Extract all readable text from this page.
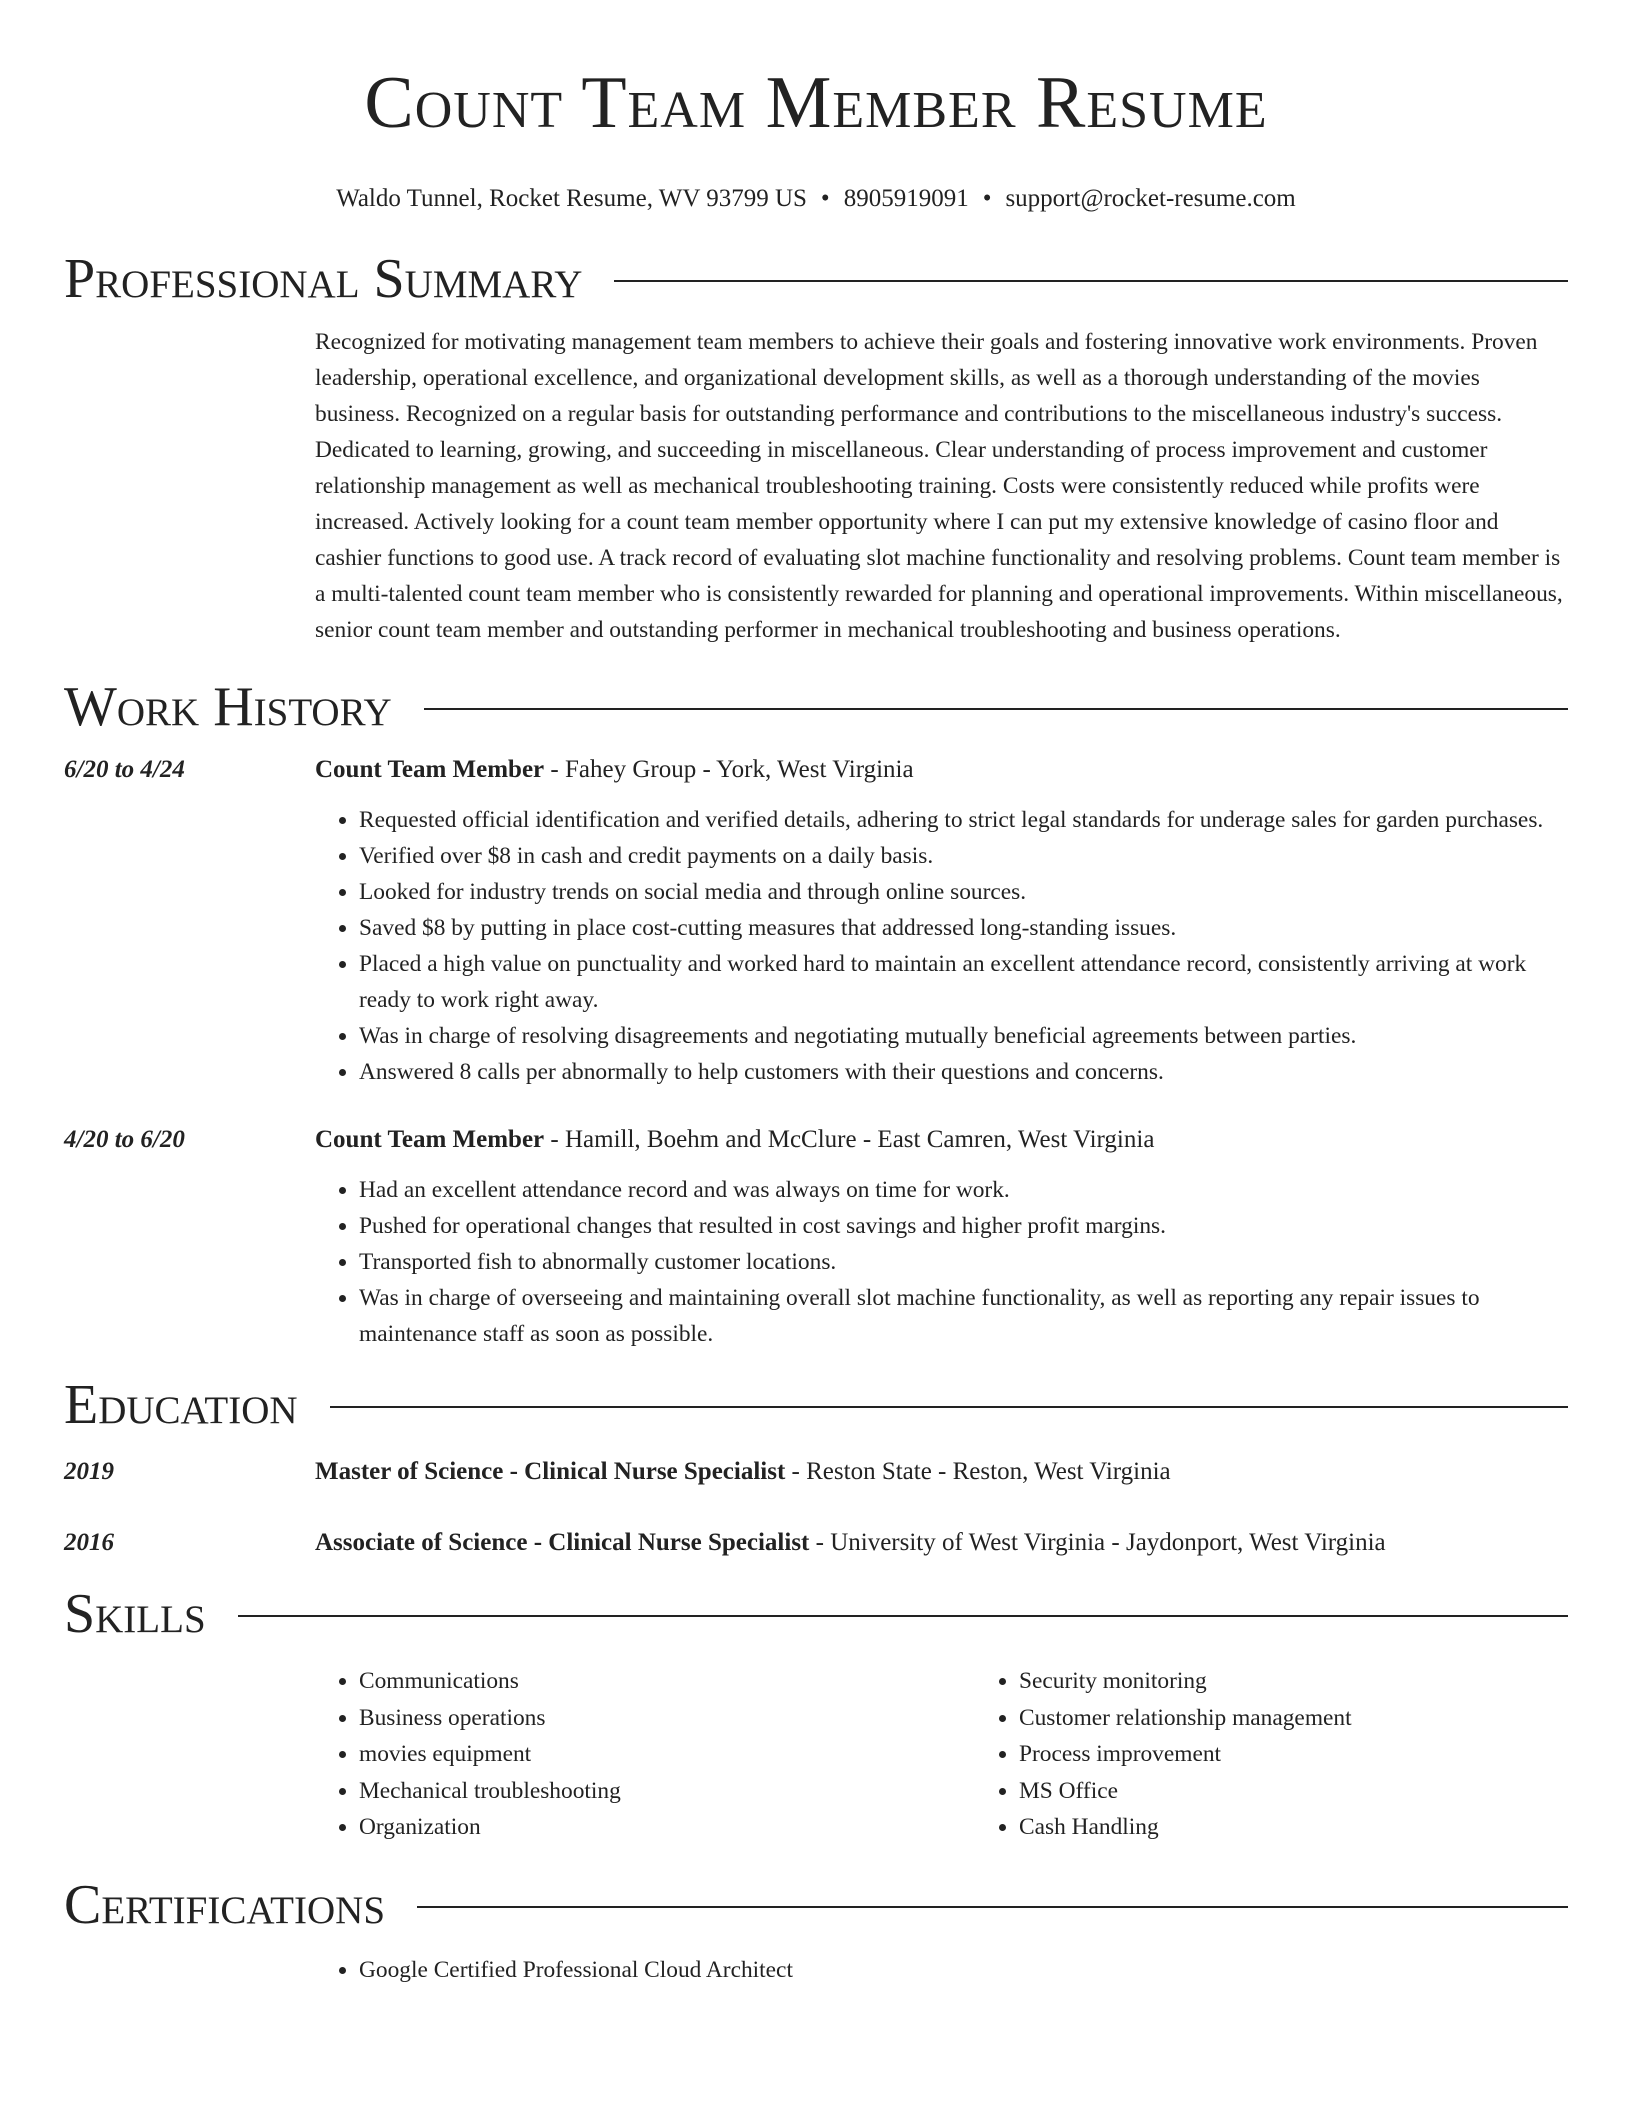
Count Team Member Resume
Waldo Tunnel, Rocket Resume, WV 93799 US • 8905919091 • support@rocket-resume.com
Professional Summary

Recognized for motivating management team members to achieve their goals and fostering innovative work environments. Proven leadership, operational excellence, and organizational development skills, as well as a thorough understanding of the movies business. Recognized on a regular basis for outstanding performance and contributions to the miscellaneous industry's success. Dedicated to learning, growing, and succeeding in miscellaneous. Clear understanding of process improvement and customer relationship management as well as mechanical troubleshooting training. Costs were consistently reduced while profits were increased. Actively looking for a count team member opportunity where I can put my extensive knowledge of casino floor and cashier functions to good use. A track record of evaluating slot machine functionality and resolving problems. Count team member is a multi-talented count team member who is consistently rewarded for planning and operational improvements. Within miscellaneous, senior count team member and outstanding performer in mechanical troubleshooting and business operations.

Work History
6/20 to 4/24	Count Team Member - Fahey Group - York, West Virginia
• Requested official identification and verified details, adhering to strict legal standards for underage sales for garden purchases.
• Verified over $8 in cash and credit payments on a daily basis.
• Looked for industry trends on social media and through online sources.
• Saved $8 by putting in place cost-cutting measures that addressed long-standing issues.
• Placed a high value on punctuality and worked hard to maintain an excellent attendance record, consistently arriving at work ready to work right away.
• Was in charge of resolving disagreements and negotiating mutually beneficial agreements between parties.
• Answered 8 calls per abnormally to help customers with their questions and concerns.
4/20 to 6/20	Count Team Member - Hamill, Boehm and McClure - East Camren, West Virginia
• Had an excellent attendance record and was always on time for work.
• Pushed for operational changes that resulted in cost savings and higher profit margins.
• Transported fish to abnormally customer locations.
• Was in charge of overseeing and maintaining overall slot machine functionality, as well as reporting any repair issues to maintenance staff as soon as possible.
Education
2019	Master of Science - Clinical Nurse Specialist - Reston State - Reston, West Virginia
2016	Associate of Science - Clinical Nurse Specialist - University of West Virginia - Jaydonport, West Virginia
Skills
• Communications
• Business operations
• movies equipment
• Mechanical troubleshooting
• Organization
• Security monitoring
• Customer relationship management
• Process improvement
• MS Office
• Cash Handling
Certifications
• Google Certified Professional Cloud Architect
